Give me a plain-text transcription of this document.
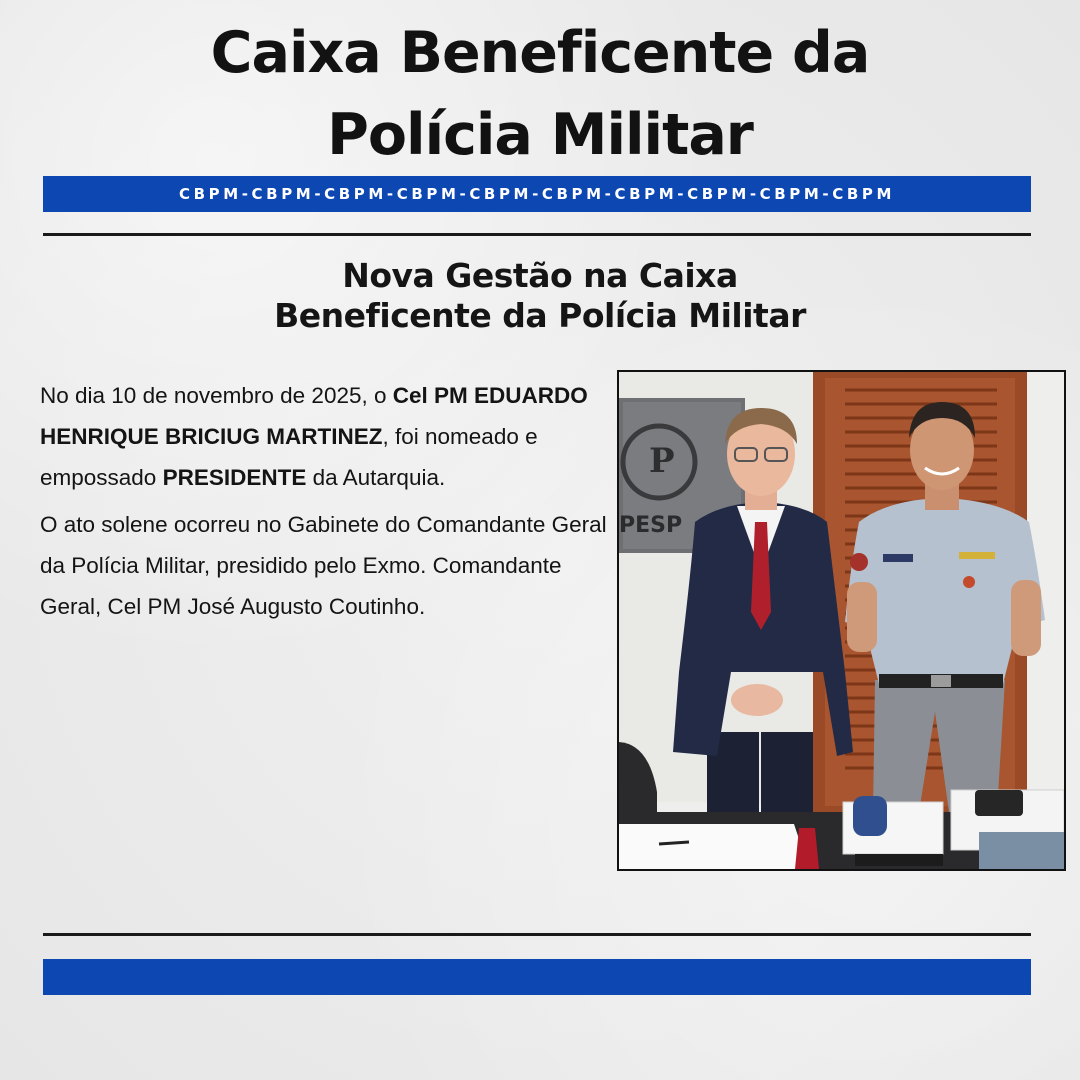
Caixa Beneficente da
Polícia Militar
CBPM-CBPM-CBPM-CBPM-CBPM-CBPM-CBPM-CBPM-CBPM-CBPM
Nova Gestão na Caixa
Beneficente da Polícia Militar

No dia 10 de novembro de 2025, o Cel PM EDUARDO HENRIQUE BRICIUG MARTINEZ, foi nomeado e empossado PRESIDENTE da Autarquia.

O ato solene ocorreu no Gabinete do Comandante Geral da Polícia Militar, presidido pelo Exmo. Comandante Geral, Cel PM José Augusto Coutinho.

P
PESP
